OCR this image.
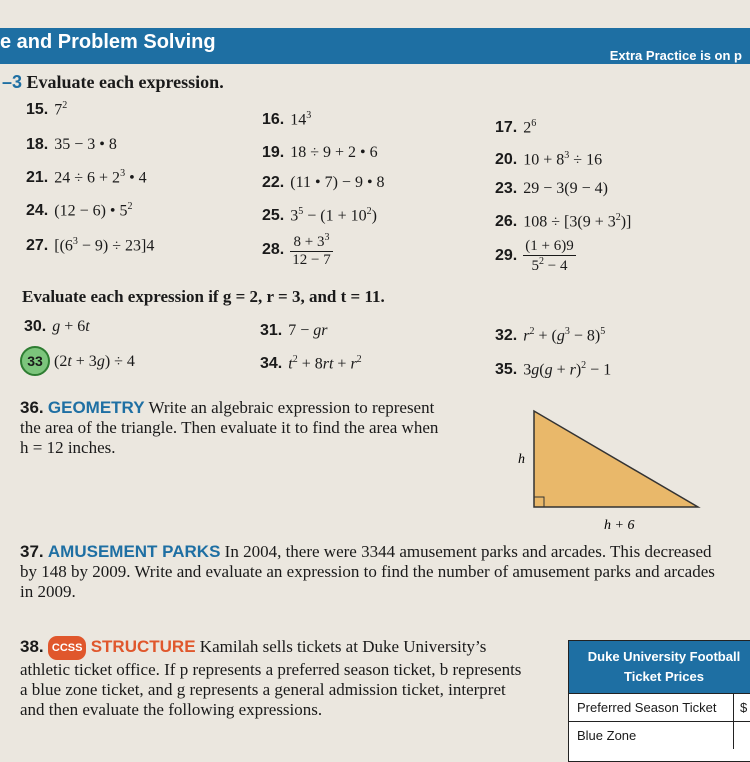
e and Problem Solving
Extra Practice is on p
–3 Evaluate each expression.
15. $7^2$
16. $14^3$
17. $2^6$
18. 35 − 3 • 8	19. 18 ÷ 9 + 2 • 6	20. $10 + 8^3 \div 16$
21. $24 \div 6 + 2^3$ • 4	22. (11 • 7) − 9 • 8	23. 29 − 3(9 − 4)
24. (12 − 6) • $5^2$
25. $3^5 - (1 + 10^2)$	26. $108 \div [3(9 + 3^2)]$
27. $[(6^3 - 9) \div 23]4$	28. $\frac{8 + 3^3}{12 - 7}$	29. $\frac{(1 + 6)9}{5^2 - 4}$
Evaluate each expression if g = 2, r = 3, and t = 11.
30. g + 6t	31. 7 − gr	32. $r^2 + (g^3 - 8)^5$
33 (2t + 3g) ÷ 4	34. $t^2 + 8rt + r^2$
35. $3g(g + r)^2 - 1$
36. GEOMETRY Write an algebraic expression to represent the area of the triangle. Then evaluate it to find the area when h = 12 inches.
h
h + 6
37. AMUSEMENT PARKS In 2004, there were 3344 amusement parks and arcades. This decreased by 148 by 2009. Write and evaluate an expression to find the number of amusement parks and arcades in 2009.
38. CCSS STRUCTURE Kamilah sells tickets at Duke University’s athletic ticket office. If p represents a preferred season ticket, b represents a blue zone ticket, and g represents a general admission ticket, interpret and then evaluate the following expressions.
Duke University Football Ticket Prices
Preferred Season Ticket	$
Blue Zone
